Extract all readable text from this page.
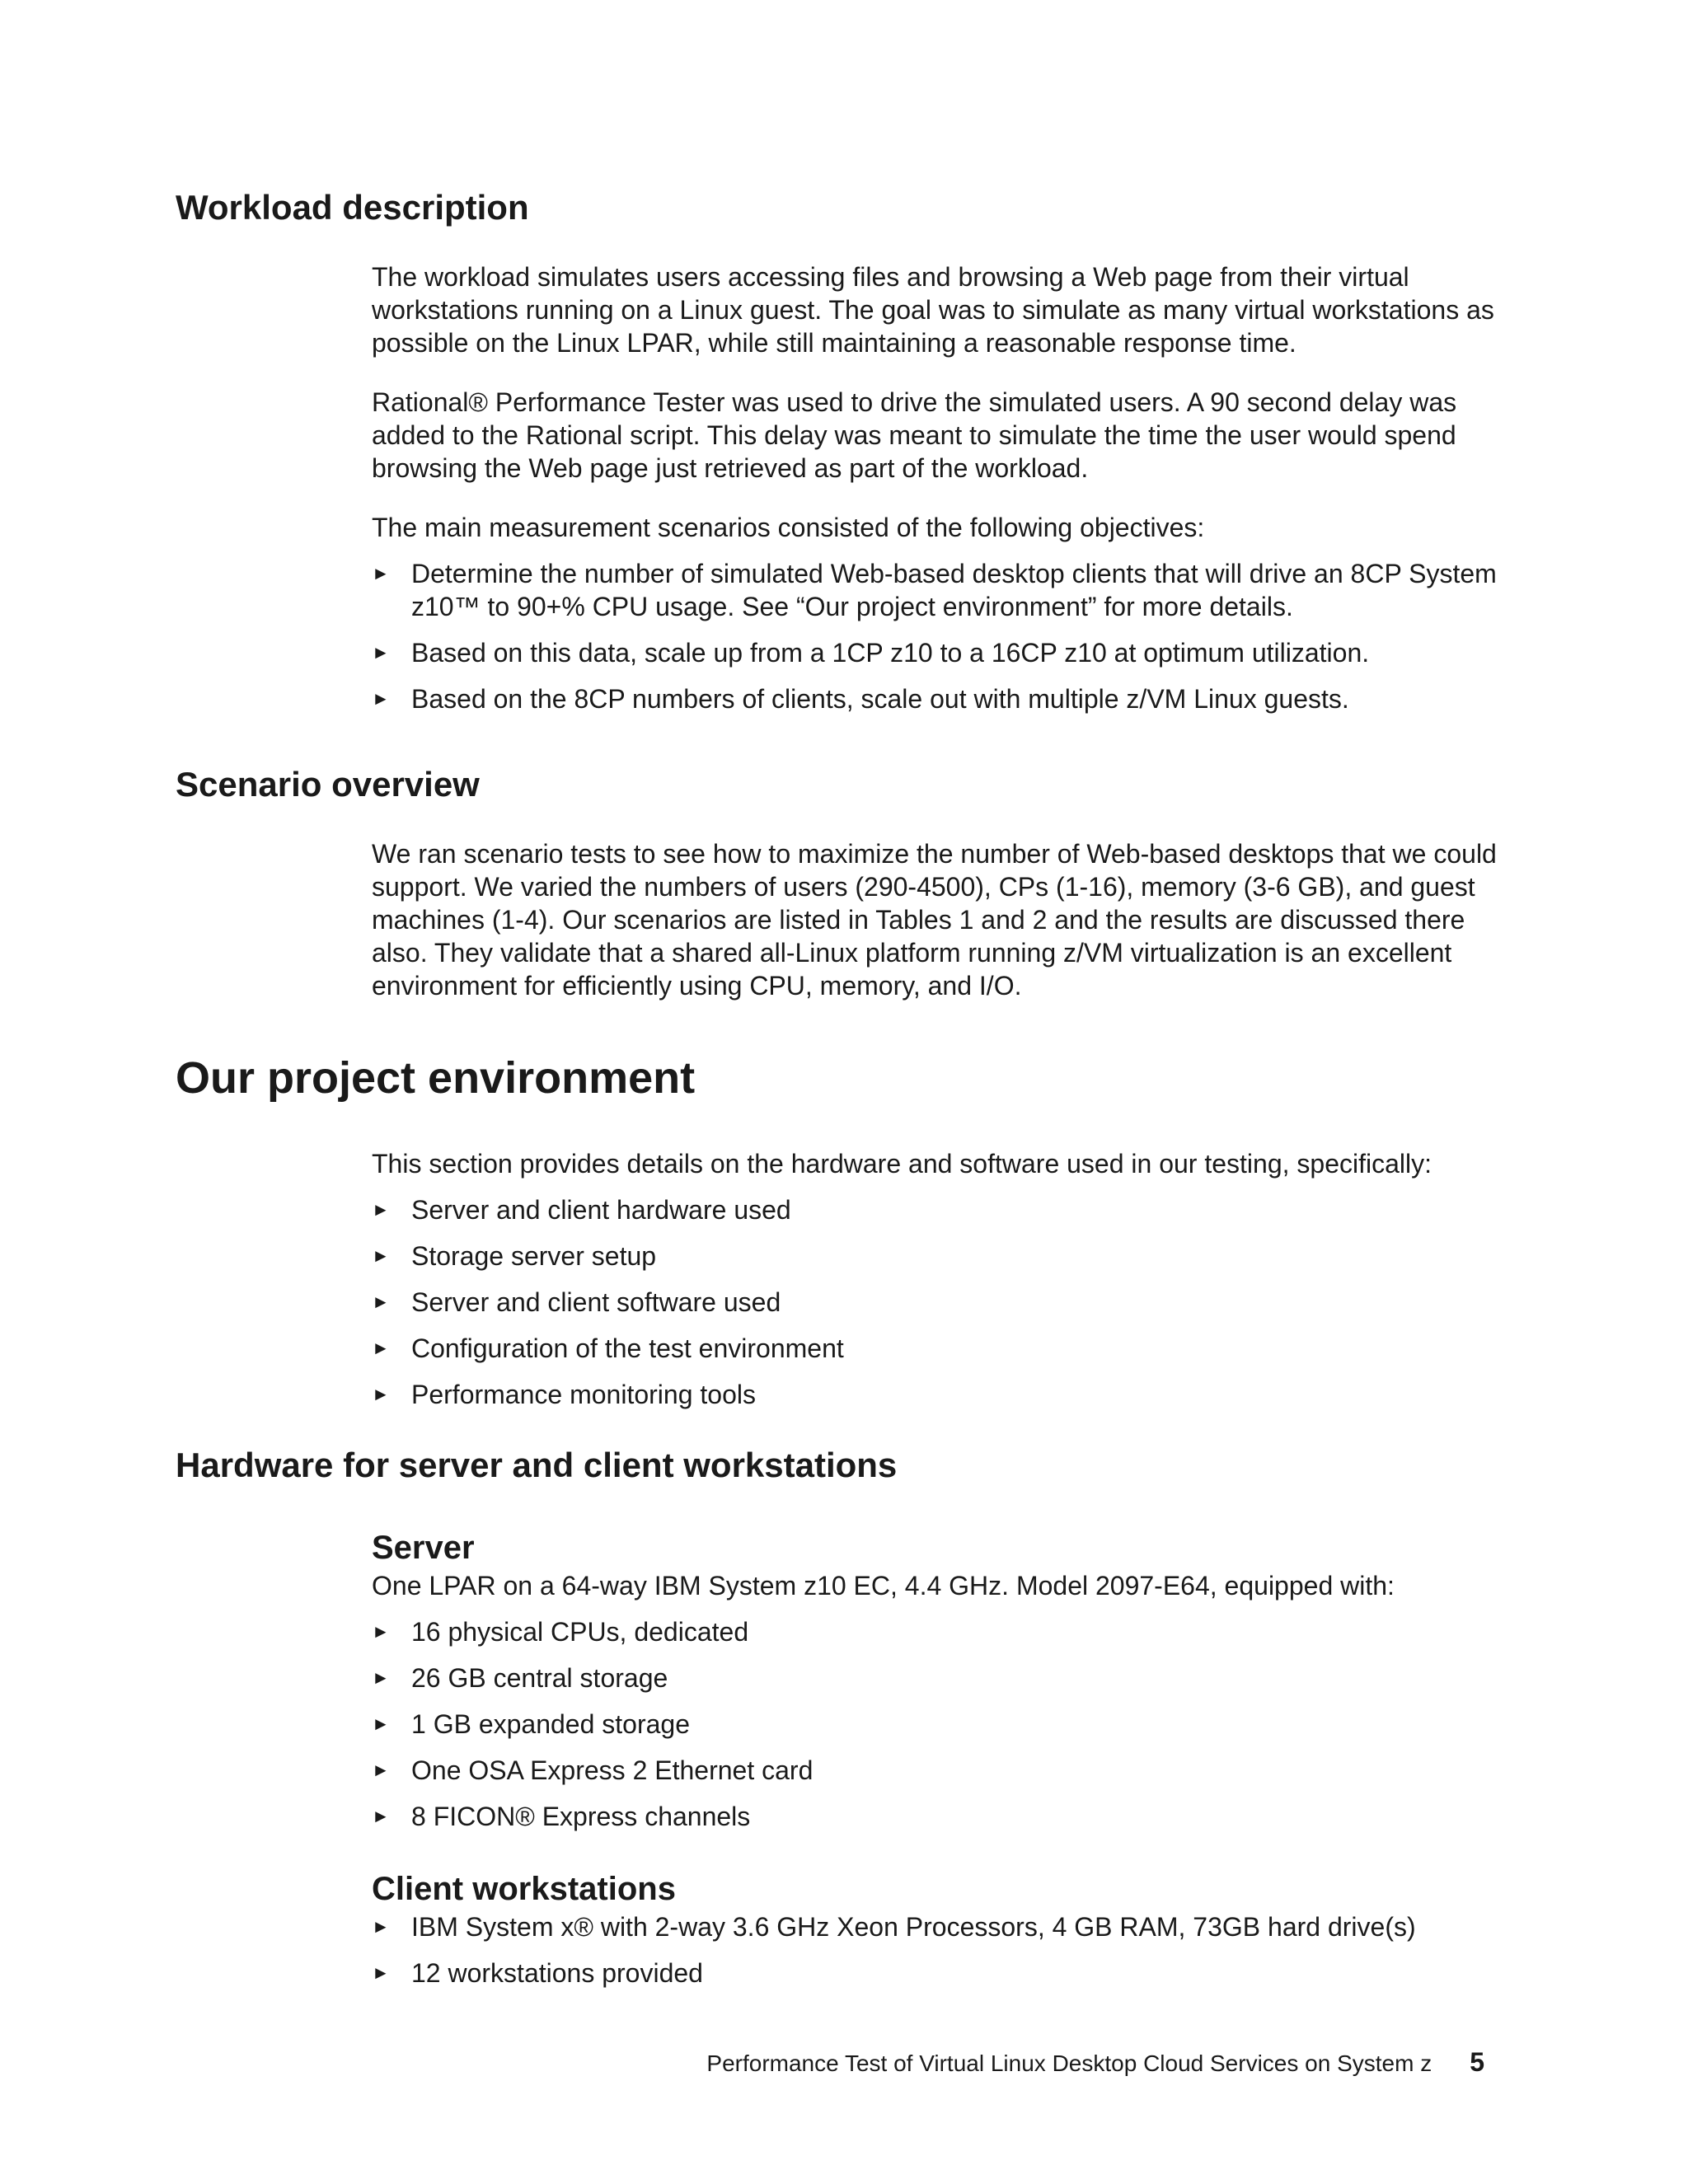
Workload description

The workload simulates users accessing files and browsing a Web page from their virtual workstations running on a Linux guest. The goal was to simulate as many virtual workstations as possible on the Linux LPAR, while still maintaining a reasonable response time.

Rational® Performance Tester was used to drive the simulated users. A 90 second delay was added to the Rational script. This delay was meant to simulate the time the user would spend browsing the Web page just retrieved as part of the workload.

The main measurement scenarios consisted of the following objectives:

► Determine the number of simulated Web-based desktop clients that will drive an 8CP System z10™ to 90+% CPU usage. See “Our project environment” for more details.
► Based on this data, scale up from a 1CP z10 to a 16CP z10 at optimum utilization.
► Based on the 8CP numbers of clients, scale out with multiple z/VM Linux guests.
Scenario overview

We ran scenario tests to see how to maximize the number of Web-based desktops that we could support. We varied the numbers of users (290-4500), CPs (1-16), memory (3-6 GB), and guest machines (1-4). Our scenarios are listed in Tables 1 and 2 and the results are discussed there also. They validate that a shared all-Linux platform running z/VM virtualization is an excellent environment for efficiently using CPU, memory, and I/O.

Our project environment

This section provides details on the hardware and software used in our testing, specifically:

► Server and client hardware used
► Storage server setup
► Server and client software used
► Configuration of the test environment
► Performance monitoring tools
Hardware for server and client workstations
Server

One LPAR on a 64-way IBM System z10 EC, 4.4 GHz. Model 2097-E64, equipped with:

► 16 physical CPUs, dedicated
► 26 GB central storage
► 1 GB expanded storage
► One OSA Express 2 Ethernet card
► 8 FICON® Express channels
Client workstations
► IBM System x® with 2-way 3.6 GHz Xeon Processors, 4 GB RAM, 73GB hard drive(s)
► 12 workstations provided
Performance Test of Virtual Linux Desktop Cloud Services on System z 5
